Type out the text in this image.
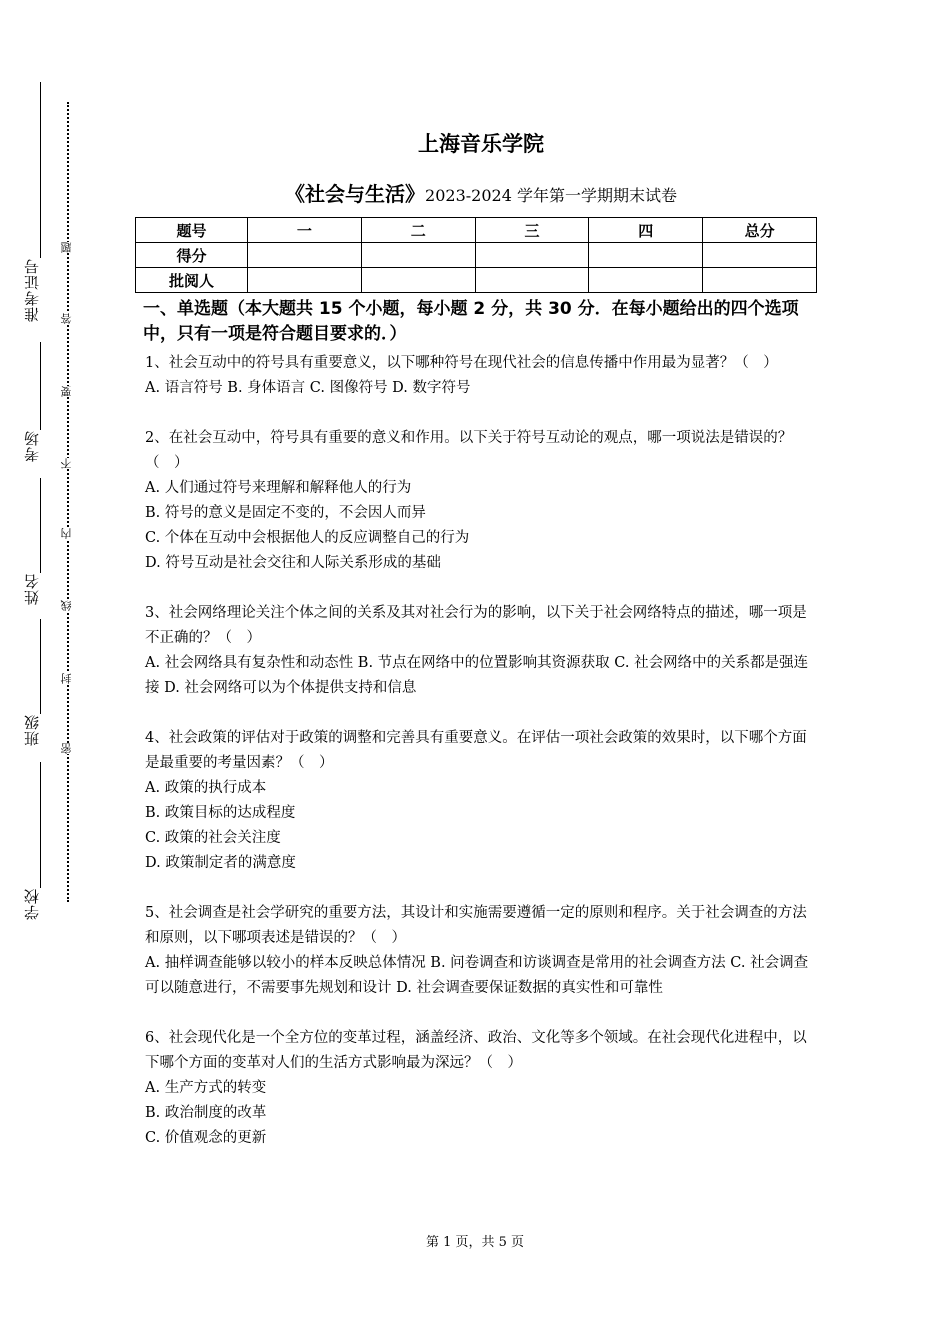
准考证号
考场
姓名
班级
学校
题
答
要
不
内
线
封
密
上海音乐学院
《社会与生活》2023-2024 学年第一学期期末试卷
题号	一	二	三	四	总分
得分					
批阅人					
一、单选题（本大题共 15 个小题，每小题 2 分，共 30 分．在每小题给出的四个选项中，只有一项是符合题目要求的．）
1、社会互动中的符号具有重要意义，以下哪种符号在现代社会的信息传播中作用最为显著？（　）
A. 语言符号 B. 身体语言 C. 图像符号 D. 数字符号
2、在社会互动中，符号具有重要的意义和作用。以下关于符号互动论的观点，哪一项说法是错误的？（　）
A. 人们通过符号来理解和解释他人的行为
B. 符号的意义是固定不变的，不会因人而异
C. 个体在互动中会根据他人的反应调整自己的行为
D. 符号互动是社会交往和人际关系形成的基础
3、社会网络理论关注个体之间的关系及其对社会行为的影响，以下关于社会网络特点的描述，哪一项是不正确的？（　）
A. 社会网络具有复杂性和动态性 B. 节点在网络中的位置影响其资源获取 C. 社会网络中的关系都是强连接 D. 社会网络可以为个体提供支持和信息
4、社会政策的评估对于政策的调整和完善具有重要意义。在评估一项社会政策的效果时，以下哪个方面是最重要的考量因素？（　）
A. 政策的执行成本
B. 政策目标的达成程度
C. 政策的社会关注度
D. 政策制定者的满意度
5、社会调查是社会学研究的重要方法，其设计和实施需要遵循一定的原则和程序。关于社会调查的方法和原则，以下哪项表述是错误的？（　）
A. 抽样调查能够以较小的样本反映总体情况 B. 问卷调查和访谈调查是常用的社会调查方法 C. 社会调查可以随意进行，不需要事先规划和设计 D. 社会调查要保证数据的真实性和可靠性
6、社会现代化是一个全方位的变革过程，涵盖经济、政治、文化等多个领域。在社会现代化进程中，以下哪个方面的变革对人们的生活方式影响最为深远？（　）
A. 生产方式的转变
B. 政治制度的改革
C. 价值观念的更新
第 1 页，共 5 页
